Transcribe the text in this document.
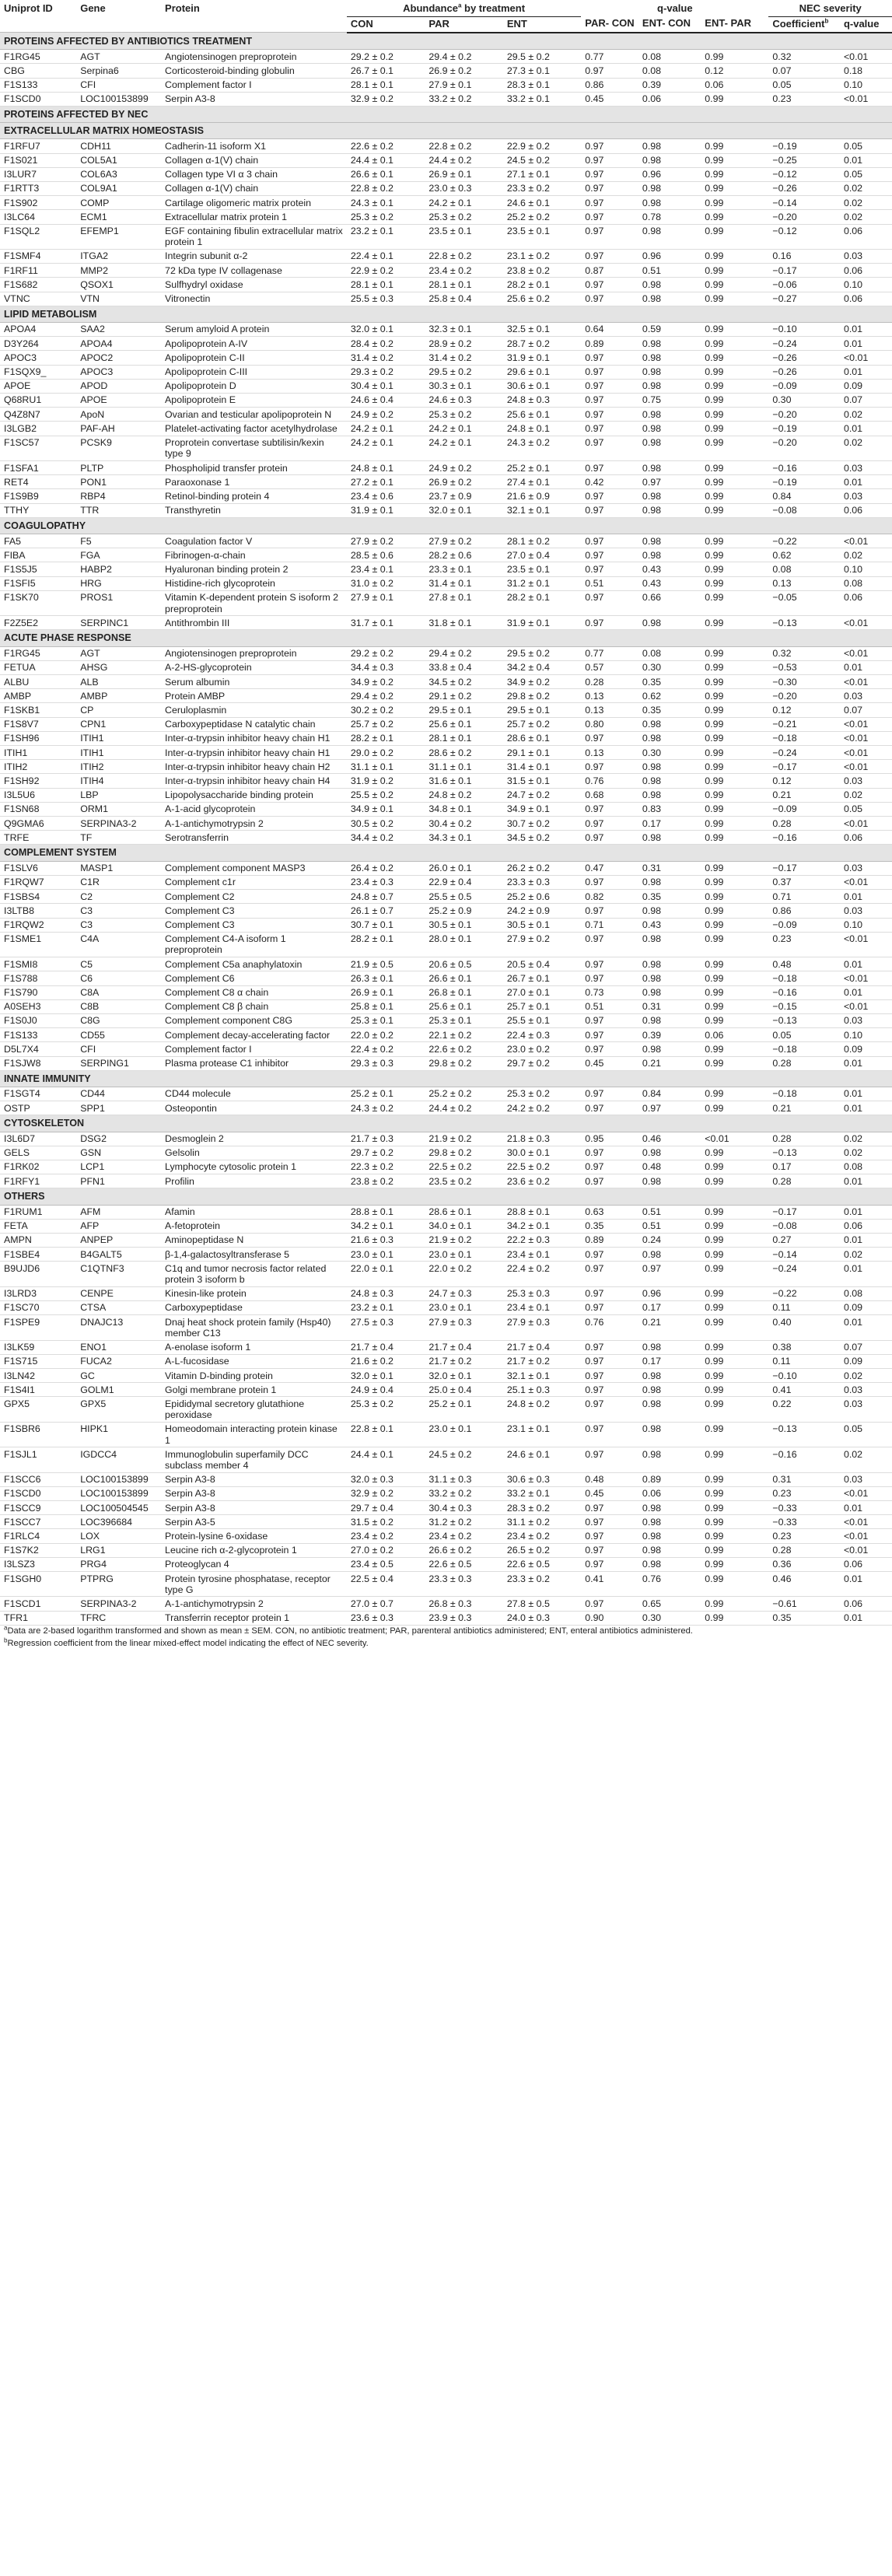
Uniprot ID	Gene	Protein	Abundance$^a$ by treatment			q-value			NEC severity	
			CON	PAR	ENT	PAR- CON	ENT- CON	ENT- PAR	Coefficient$^b$	q-value
PROTEINS AFFECTED BY ANTIBIOTICS TREATMENT										
F1RG45	AGT	Angiotensinogen preproprotein	29.2 ± 0.2	29.4 ± 0.2	29.5 ± 0.2	0.77	0.08	0.99	0.32	<0.01
CBG	Serpina6	Corticosteroid-binding globulin	26.7 ± 0.1	26.9 ± 0.2	27.3 ± 0.1	0.97	0.08	0.12	0.07	0.18
F1S133	CFI	Complement factor I	28.1 ± 0.1	27.9 ± 0.1	28.3 ± 0.1	0.86	0.39	0.06	0.05	0.10
F1SCD0	LOC100153899	Serpin A3-8	32.9 ± 0.2	33.2 ± 0.2	33.2 ± 0.1	0.45	0.06	0.99	0.23	<0.01
PROTEINS AFFECTED BY NEC										
EXTRACELLULAR MATRIX HOMEOSTASIS										
F1RFU7	CDH11	Cadherin-11 isoform X1	22.6 ± 0.2	22.8 ± 0.2	22.9 ± 0.2	0.97	0.98	0.99	−0.19	0.05
F1S021	COL5A1	Collagen α-1(V) chain	24.4 ± 0.1	24.4 ± 0.2	24.5 ± 0.2	0.97	0.98	0.99	−0.25	0.01
I3LUR7	COL6A3	Collagen type VI α 3 chain	26.6 ± 0.1	26.9 ± 0.1	27.1 ± 0.1	0.97	0.96	0.99	−0.12	0.05
F1RTT3	COL9A1	Collagen α-1(V) chain	22.8 ± 0.2	23.0 ± 0.3	23.3 ± 0.2	0.97	0.98	0.99	−0.26	0.02
F1S902	COMP	Cartilage oligomeric matrix protein	24.3 ± 0.1	24.2 ± 0.1	24.6 ± 0.1	0.97	0.98	0.99	−0.14	0.02
I3LC64	ECM1	Extracellular matrix protein 1	25.3 ± 0.2	25.3 ± 0.2	25.2 ± 0.2	0.97	0.78	0.99	−0.20	0.02
F1SQL2	EFEMP1	EGF containing fibulin extracellular matrix protein 1	23.2 ± 0.1	23.5 ± 0.1	23.5 ± 0.1	0.97	0.98	0.99	−0.12	0.06
F1SMF4	ITGA2	Integrin subunit α-2	22.4 ± 0.1	22.8 ± 0.2	23.1 ± 0.2	0.97	0.96	0.99	0.16	0.03
F1RF11	MMP2	72 kDa type IV collagenase	22.9 ± 0.2	23.4 ± 0.2	23.8 ± 0.2	0.87	0.51	0.99	−0.17	0.06
F1S682	QSOX1	Sulfhydryl oxidase	28.1 ± 0.1	28.1 ± 0.1	28.2 ± 0.1	0.97	0.98	0.99	−0.06	0.10
VTNC	VTN	Vitronectin	25.5 ± 0.3	25.8 ± 0.4	25.6 ± 0.2	0.97	0.98	0.99	−0.27	0.06
LIPID METABOLISM										
APOA4	SAA2	Serum amyloid A protein	32.0 ± 0.1	32.3 ± 0.1	32.5 ± 0.1	0.64	0.59	0.99	−0.10	0.01
D3Y264	APOA4	Apolipoprotein A-IV	28.4 ± 0.2	28.9 ± 0.2	28.7 ± 0.2	0.89	0.98	0.99	−0.24	0.01
APOC3	APOC2	Apolipoprotein C-II	31.4 ± 0.2	31.4 ± 0.2	31.9 ± 0.1	0.97	0.98	0.99	−0.26	<0.01
F1SQX9_	APOC3	Apolipoprotein C-III	29.3 ± 0.2	29.5 ± 0.2	29.6 ± 0.1	0.97	0.98	0.99	−0.26	0.01
APOE	APOD	Apolipoprotein D	30.4 ± 0.1	30.3 ± 0.1	30.6 ± 0.1	0.97	0.98	0.99	−0.09	0.09
Q68RU1	APOE	Apolipoprotein E	24.6 ± 0.4	24.6 ± 0.3	24.8 ± 0.3	0.97	0.75	0.99	0.30	0.07
Q4Z8N7	ApoN	Ovarian and testicular apolipoprotein N	24.9 ± 0.2	25.3 ± 0.2	25.6 ± 0.1	0.97	0.98	0.99	−0.20	0.02
I3LGB2	PAF-AH	Platelet-activating factor acetylhydrolase	24.2 ± 0.1	24.2 ± 0.1	24.8 ± 0.1	0.97	0.98	0.99	−0.19	0.01
F1SC57	PCSK9	Proprotein convertase subtilisin/kexin type 9	24.2 ± 0.1	24.2 ± 0.1	24.3 ± 0.2	0.97	0.98	0.99	−0.20	0.02
F1SFA1	PLTP	Phospholipid transfer protein	24.8 ± 0.1	24.9 ± 0.2	25.2 ± 0.1	0.97	0.98	0.99	−0.16	0.03
RET4	PON1	Paraoxonase 1	27.2 ± 0.1	26.9 ± 0.2	27.4 ± 0.1	0.42	0.97	0.99	−0.19	0.01
F1S9B9	RBP4	Retinol-binding protein 4	23.4 ± 0.6	23.7 ± 0.9	21.6 ± 0.9	0.97	0.98	0.99	0.84	0.03
TTHY	TTR	Transthyretin	31.9 ± 0.1	32.0 ± 0.1	32.1 ± 0.1	0.97	0.98	0.99	−0.08	0.06
COAGULOPATHY										
FA5	F5	Coagulation factor V	27.9 ± 0.2	27.9 ± 0.2	28.1 ± 0.2	0.97	0.98	0.99	−0.22	<0.01
FIBA	FGA	Fibrinogen-α-chain	28.5 ± 0.6	28.2 ± 0.6	27.0 ± 0.4	0.97	0.98	0.99	0.62	0.02
F1S5J5	HABP2	Hyaluronan binding protein 2	23.4 ± 0.1	23.3 ± 0.1	23.5 ± 0.1	0.97	0.43	0.99	0.08	0.10
F1SFI5	HRG	Histidine-rich glycoprotein	31.0 ± 0.2	31.4 ± 0.1	31.2 ± 0.1	0.51	0.43	0.99	0.13	0.08
F1SK70	PROS1	Vitamin K-dependent protein S isoform 2 preproprotein	27.9 ± 0.1	27.8 ± 0.1	28.2 ± 0.1	0.97	0.66	0.99	−0.05	0.06
F2Z5E2	SERPINC1	Antithrombin III	31.7 ± 0.1	31.8 ± 0.1	31.9 ± 0.1	0.97	0.98	0.99	−0.13	<0.01
ACUTE PHASE RESPONSE										
F1RG45	AGT	Angiotensinogen preproprotein	29.2 ± 0.2	29.4 ± 0.2	29.5 ± 0.2	0.77	0.08	0.99	0.32	<0.01
FETUA	AHSG	A-2-HS-glycoprotein	34.4 ± 0.3	33.8 ± 0.4	34.2 ± 0.4	0.57	0.30	0.99	−0.53	0.01
ALBU	ALB	Serum albumin	34.9 ± 0.2	34.5 ± 0.2	34.9 ± 0.2	0.28	0.35	0.99	−0.30	<0.01
AMBP	AMBP	Protein AMBP	29.4 ± 0.2	29.1 ± 0.2	29.8 ± 0.2	0.13	0.62	0.99	−0.20	0.03
F1SKB1	CP	Ceruloplasmin	30.2 ± 0.2	29.5 ± 0.1	29.5 ± 0.1	0.13	0.35	0.99	0.12	0.07
F1S8V7	CPN1	Carboxypeptidase N catalytic chain	25.7 ± 0.2	25.6 ± 0.1	25.7 ± 0.2	0.80	0.98	0.99	−0.21	<0.01
F1SH96	ITIH1	Inter-α-trypsin inhibitor heavy chain H1	28.2 ± 0.1	28.1 ± 0.1	28.6 ± 0.1	0.97	0.98	0.99	−0.18	<0.01
ITIH1	ITIH1	Inter-α-trypsin inhibitor heavy chain H1	29.0 ± 0.2	28.6 ± 0.2	29.1 ± 0.1	0.13	0.30	0.99	−0.24	<0.01
ITIH2	ITIH2	Inter-α-trypsin inhibitor heavy chain H2	31.1 ± 0.1	31.1 ± 0.1	31.4 ± 0.1	0.97	0.98	0.99	−0.17	<0.01
F1SH92	ITIH4	Inter-α-trypsin inhibitor heavy chain H4	31.9 ± 0.2	31.6 ± 0.1	31.5 ± 0.1	0.76	0.98	0.99	0.12	0.03
I3L5U6	LBP	Lipopolysaccharide binding protein	25.5 ± 0.2	24.8 ± 0.2	24.7 ± 0.2	0.68	0.98	0.99	0.21	0.02
F1SN68	ORM1	A-1-acid glycoprotein	34.9 ± 0.1	34.8 ± 0.1	34.9 ± 0.1	0.97	0.83	0.99	−0.09	0.05
Q9GMA6	SERPINA3-2	A-1-antichymotrypsin 2	30.5 ± 0.2	30.4 ± 0.2	30.7 ± 0.2	0.97	0.17	0.99	0.28	<0.01
TRFE	TF	Serotransferrin	34.4 ± 0.2	34.3 ± 0.1	34.5 ± 0.2	0.97	0.98	0.99	−0.16	0.06
COMPLEMENT SYSTEM										
F1SLV6	MASP1	Complement component MASP3	26.4 ± 0.2	26.0 ± 0.1	26.2 ± 0.2	0.47	0.31	0.99	−0.17	0.03
F1RQW7	C1R	Complement c1r	23.4 ± 0.3	22.9 ± 0.4	23.3 ± 0.3	0.97	0.98	0.99	0.37	<0.01
F1SBS4	C2	Complement C2	24.8 ± 0.7	25.5 ± 0.5	25.2 ± 0.6	0.82	0.35	0.99	0.71	0.01
I3LTB8	C3	Complement C3	26.1 ± 0.7	25.2 ± 0.9	24.2 ± 0.9	0.97	0.98	0.99	0.86	0.03
F1RQW2	C3	Complement C3	30.7 ± 0.1	30.5 ± 0.1	30.5 ± 0.1	0.71	0.43	0.99	−0.09	0.10
F1SME1	C4A	Complement C4-A isoform 1 preproprotein	28.2 ± 0.1	28.0 ± 0.1	27.9 ± 0.2	0.97	0.98	0.99	0.23	<0.01
F1SMI8	C5	Complement C5a anaphylatoxin	21.9 ± 0.5	20.6 ± 0.5	20.5 ± 0.4	0.97	0.98	0.99	0.48	0.01
F1S788	C6	Complement C6	26.3 ± 0.1	26.6 ± 0.1	26.7 ± 0.1	0.97	0.98	0.99	−0.18	<0.01
F1S790	C8A	Complement C8 α chain	26.9 ± 0.1	26.8 ± 0.1	27.0 ± 0.1	0.73	0.98	0.99	−0.16	0.01
A0SEH3	C8B	Complement C8 β chain	25.8 ± 0.1	25.6 ± 0.1	25.7 ± 0.1	0.51	0.31	0.99	−0.15	<0.01
F1S0J0	C8G	Complement component C8G	25.3 ± 0.1	25.3 ± 0.1	25.5 ± 0.1	0.97	0.98	0.99	−0.13	0.03
F1S133	CD55	Complement decay-accelerating factor	22.0 ± 0.2	22.1 ± 0.2	22.4 ± 0.3	0.97	0.39	0.06	0.05	0.10
D5L7X4	CFI	Complement factor I	22.4 ± 0.2	22.6 ± 0.2	23.0 ± 0.2	0.97	0.98	0.99	−0.18	0.09
F1SJW8	SERPING1	Plasma protease C1 inhibitor	29.3 ± 0.3	29.8 ± 0.2	29.7 ± 0.2	0.45	0.21	0.99	0.28	0.01
INNATE IMMUNITY										
F1SGT4	CD44	CD44 molecule	25.2 ± 0.1	25.2 ± 0.2	25.3 ± 0.2	0.97	0.84	0.99	−0.18	0.01
OSTP	SPP1	Osteopontin	24.3 ± 0.2	24.4 ± 0.2	24.2 ± 0.2	0.97	0.97	0.99	0.21	0.01
CYTOSKELETON										
I3L6D7	DSG2	Desmoglein 2	21.7 ± 0.3	21.9 ± 0.2	21.8 ± 0.3	0.95	0.46	<0.01	0.28	0.02
GELS	GSN	Gelsolin	29.7 ± 0.2	29.8 ± 0.2	30.0 ± 0.1	0.97	0.98	0.99	−0.13	0.02
F1RK02	LCP1	Lymphocyte cytosolic protein 1	22.3 ± 0.2	22.5 ± 0.2	22.5 ± 0.2	0.97	0.48	0.99	0.17	0.08
F1RFY1	PFN1	Profilin	23.8 ± 0.2	23.5 ± 0.2	23.6 ± 0.2	0.97	0.98	0.99	0.28	0.01
OTHERS										
F1RUM1	AFM	Afamin	28.8 ± 0.1	28.6 ± 0.1	28.8 ± 0.1	0.63	0.51	0.99	−0.17	0.01
FETA	AFP	A-fetoprotein	34.2 ± 0.1	34.0 ± 0.1	34.2 ± 0.1	0.35	0.51	0.99	−0.08	0.06
AMPN	ANPEP	Aminopeptidase N	21.6 ± 0.3	21.9 ± 0.2	22.2 ± 0.3	0.89	0.24	0.99	0.27	0.01
F1SBE4	B4GALT5	β-1,4-galactosyltransferase 5	23.0 ± 0.1	23.0 ± 0.1	23.4 ± 0.1	0.97	0.98	0.99	−0.14	0.02
B9UJD6	C1QTNF3	C1q and tumor necrosis factor related protein 3 isoform b	22.0 ± 0.1	22.0 ± 0.2	22.4 ± 0.2	0.97	0.97	0.99	−0.24	0.01
I3LRD3	CENPE	Kinesin-like protein	24.8 ± 0.3	24.7 ± 0.3	25.3 ± 0.3	0.97	0.96	0.99	−0.22	0.08
F1SC70	CTSA	Carboxypeptidase	23.2 ± 0.1	23.0 ± 0.1	23.4 ± 0.1	0.97	0.17	0.99	0.11	0.09
F1SPE9	DNAJC13	Dnaj heat shock protein family (Hsp40) member C13	27.5 ± 0.3	27.9 ± 0.3	27.9 ± 0.3	0.76	0.21	0.99	0.40	0.01
I3LK59	ENO1	A-enolase isoform 1	21.7 ± 0.4	21.7 ± 0.4	21.7 ± 0.4	0.97	0.98	0.99	0.38	0.07
F1S715	FUCA2	A-L-fucosidase	21.6 ± 0.2	21.7 ± 0.2	21.7 ± 0.2	0.97	0.17	0.99	0.11	0.09
I3LN42	GC	Vitamin D-binding protein	32.0 ± 0.1	32.0 ± 0.1	32.1 ± 0.1	0.97	0.98	0.99	−0.10	0.02
F1S4I1	GOLM1	Golgi membrane protein 1	24.9 ± 0.4	25.0 ± 0.4	25.1 ± 0.3	0.97	0.98	0.99	0.41	0.03
GPX5	GPX5	Epididymal secretory glutathione peroxidase	25.3 ± 0.2	25.2 ± 0.1	24.8 ± 0.2	0.97	0.98	0.99	0.22	0.03
F1SBR6	HIPK1	Homeodomain interacting protein kinase 1	22.8 ± 0.1	23.0 ± 0.1	23.1 ± 0.1	0.97	0.98	0.99	−0.13	0.05
F1SJL1	IGDCC4	Immunoglobulin superfamily DCC subclass member 4	24.4 ± 0.1	24.5 ± 0.2	24.6 ± 0.1	0.97	0.98	0.99	−0.16	0.02
F1SCC6	LOC100153899	Serpin A3-8	32.0 ± 0.3	31.1 ± 0.3	30.6 ± 0.3	0.48	0.89	0.99	0.31	0.03
F1SCD0	LOC100153899	Serpin A3-8	32.9 ± 0.2	33.2 ± 0.2	33.2 ± 0.1	0.45	0.06	0.99	0.23	<0.01
F1SCC9	LOC100504545	Serpin A3-8	29.7 ± 0.4	30.4 ± 0.3	28.3 ± 0.2	0.97	0.98	0.99	−0.33	0.01
F1SCC7	LOC396684	Serpin A3-5	31.5 ± 0.2	31.2 ± 0.2	31.1 ± 0.2	0.97	0.98	0.99	−0.33	<0.01
F1RLC4	LOX	Protein-lysine 6-oxidase	23.4 ± 0.2	23.4 ± 0.2	23.4 ± 0.2	0.97	0.98	0.99	0.23	<0.01
F1S7K2	LRG1	Leucine rich α-2-glycoprotein 1	27.0 ± 0.2	26.6 ± 0.2	26.5 ± 0.2	0.97	0.98	0.99	0.28	<0.01
I3LSZ3	PRG4	Proteoglycan 4	23.4 ± 0.5	22.6 ± 0.5	22.6 ± 0.5	0.97	0.98	0.99	0.36	0.06
F1SGH0	PTPRG	Protein tyrosine phosphatase, receptor type G	22.5 ± 0.4	23.3 ± 0.3	23.3 ± 0.2	0.41	0.76	0.99	0.46	0.01
F1SCD1	SERPINA3-2	A-1-antichymotrypsin 2	27.0 ± 0.7	26.8 ± 0.3	27.8 ± 0.5	0.97	0.65	0.99	−0.61	0.06
TFR1	TFRC	Transferrin receptor protein 1	23.6 ± 0.3	23.9 ± 0.3	24.0 ± 0.3	0.90	0.30	0.99	0.35	0.01
$^a$Data are 2-based logarithm transformed and shown as mean ± SEM. CON, no antibiotic treatment; PAR, parenteral antibiotics administered; ENT, enteral antibiotics administered.										
$^b$Regression coefficient from the linear mixed-effect model indicating the effect of NEC severity.										
